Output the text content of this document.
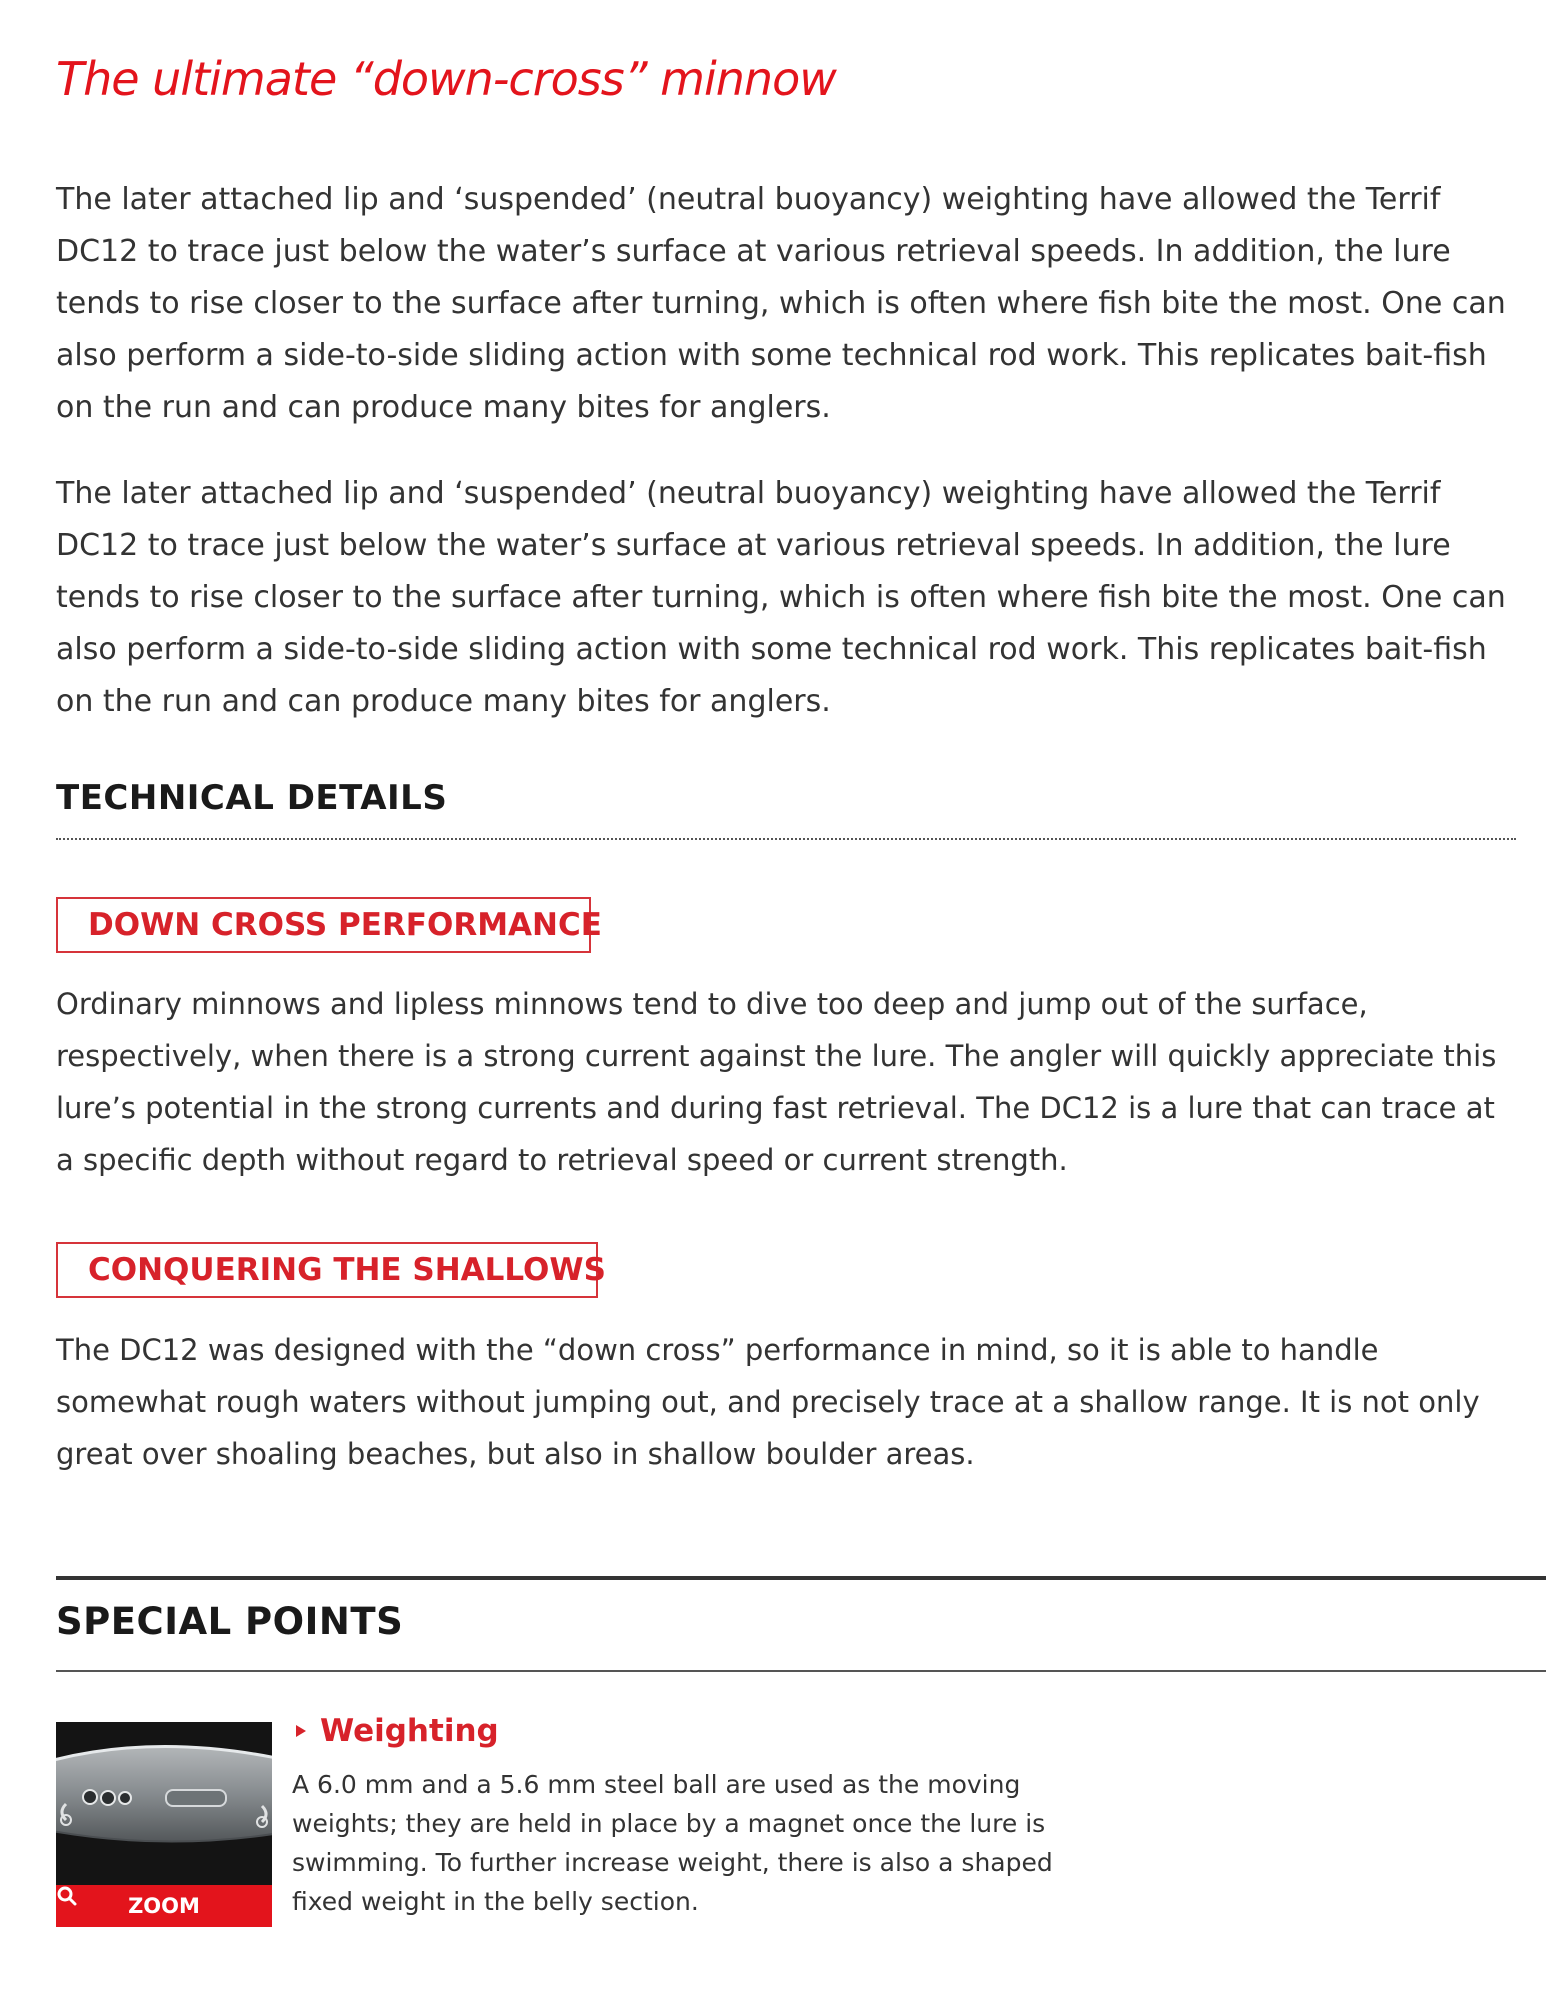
The ultimate “down-cross” minnow

The later attached lip and ‘suspended’ (neutral buoyancy) weighting have allowed the Terrif DC12 to trace just below the water’s surface at various retrieval speeds. In addition, the lure tends to rise closer to the surface after turning, which is often where fish bite the most. One can also perform a side-to-side sliding action with some technical rod work. This replicates bait-fish on the run and can produce many bites for anglers.

The later attached lip and ‘suspended’ (neutral buoyancy) weighting have allowed the Terrif DC12 to trace just below the water’s surface at various retrieval speeds. In addition, the lure tends to rise closer to the surface after turning, which is often where fish bite the most. One can also perform a side-to-side sliding action with some technical rod work. This replicates bait-fish on the run and can produce many bites for anglers.

TECHNICAL DETAILS
DOWN CROSS PERFORMANCE

Ordinary minnows and lipless minnows tend to dive too deep and jump out of the surface, respectively, when there is a strong current against the lure. The angler will quickly appreciate this lure’s potential in the strong currents and during fast retrieval. The DC12 is a lure that can trace at a specific depth without regard to retrieval speed or current strength.

CONQUERING THE SHALLOWS

The DC12 was designed with the “down cross” performance in mind, so it is able to handle somewhat rough waters without jumping out, and precisely trace at a shallow range. It is not only great over shoaling beaches, but also in shallow boulder areas.

SPECIAL POINTS
ZOOM
Weighting

A 6.0 mm and a 5.6 mm steel ball are used as the moving weights; they are held in place by a magnet once the lure is swimming. To further increase weight, there is also a shaped fixed weight in the belly section.
